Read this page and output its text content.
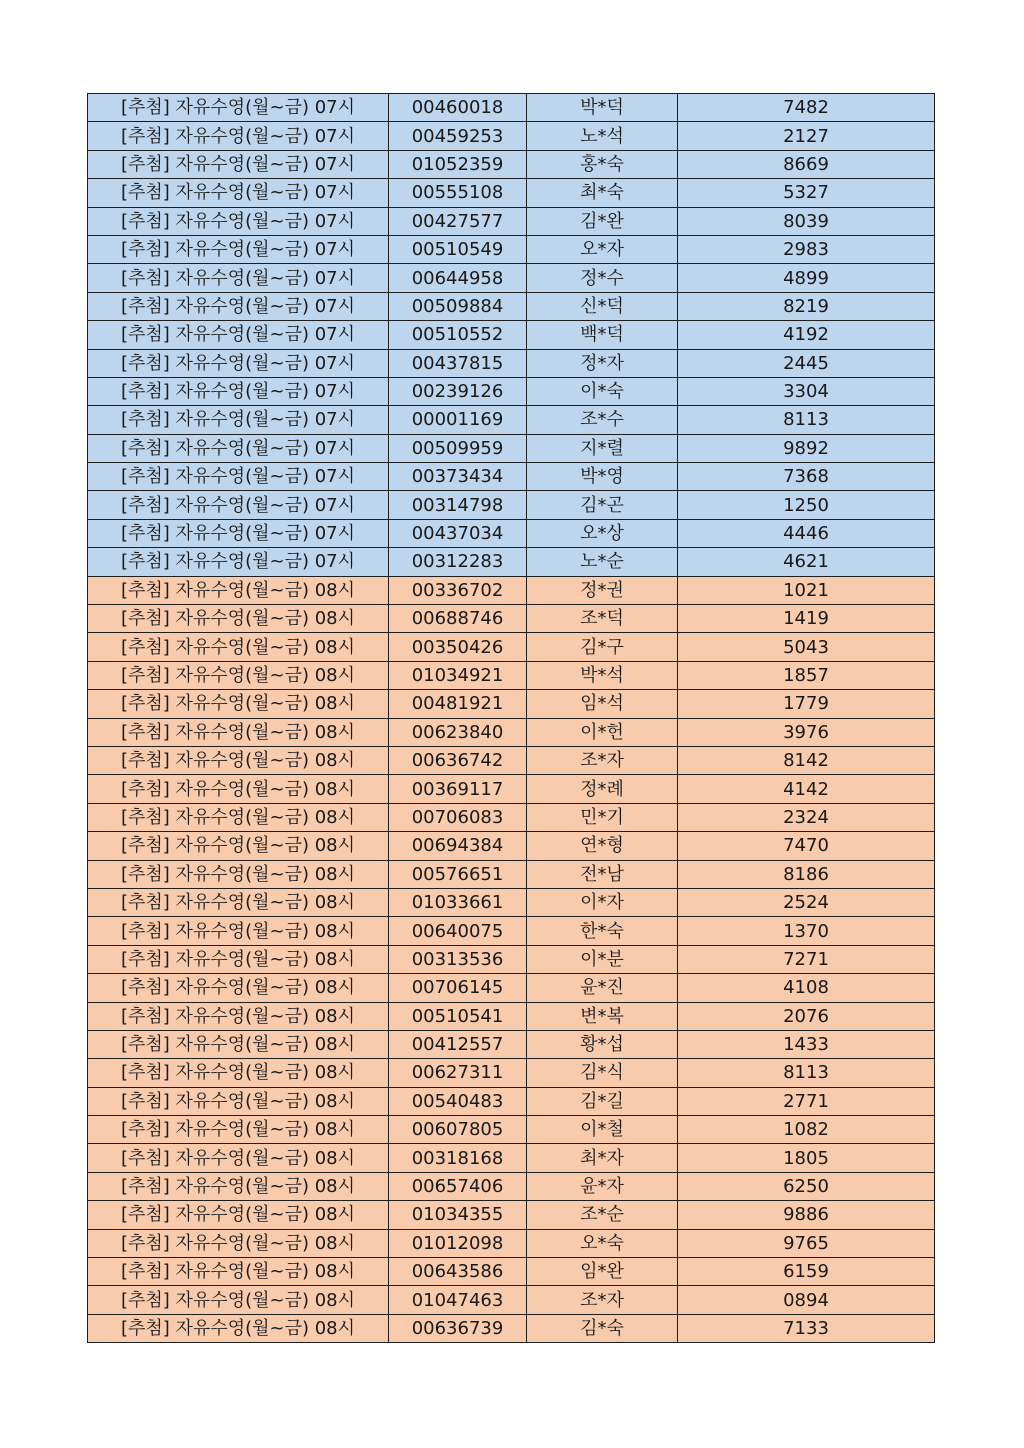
[추첨] 자유수영(월~금) 07시	00460018	박*덕	7482
[추첨] 자유수영(월~금) 07시	00459253	노*석	2127
[추첨] 자유수영(월~금) 07시	01052359	홍*숙	8669
[추첨] 자유수영(월~금) 07시	00555108	최*숙	5327
[추첨] 자유수영(월~금) 07시	00427577	김*완	8039
[추첨] 자유수영(월~금) 07시	00510549	오*자	2983
[추첨] 자유수영(월~금) 07시	00644958	정*수	4899
[추첨] 자유수영(월~금) 07시	00509884	신*덕	8219
[추첨] 자유수영(월~금) 07시	00510552	백*덕	4192
[추첨] 자유수영(월~금) 07시	00437815	정*자	2445
[추첨] 자유수영(월~금) 07시	00239126	이*숙	3304
[추첨] 자유수영(월~금) 07시	00001169	조*수	8113
[추첨] 자유수영(월~금) 07시	00509959	지*렬	9892
[추첨] 자유수영(월~금) 07시	00373434	박*영	7368
[추첨] 자유수영(월~금) 07시	00314798	김*곤	1250
[추첨] 자유수영(월~금) 07시	00437034	오*상	4446
[추첨] 자유수영(월~금) 07시	00312283	노*순	4621
[추첨] 자유수영(월~금) 08시	00336702	정*권	1021
[추첨] 자유수영(월~금) 08시	00688746	조*덕	1419
[추첨] 자유수영(월~금) 08시	00350426	김*구	5043
[추첨] 자유수영(월~금) 08시	01034921	박*석	1857
[추첨] 자유수영(월~금) 08시	00481921	임*석	1779
[추첨] 자유수영(월~금) 08시	00623840	이*헌	3976
[추첨] 자유수영(월~금) 08시	00636742	조*자	8142
[추첨] 자유수영(월~금) 08시	00369117	정*례	4142
[추첨] 자유수영(월~금) 08시	00706083	민*기	2324
[추첨] 자유수영(월~금) 08시	00694384	연*형	7470
[추첨] 자유수영(월~금) 08시	00576651	전*남	8186
[추첨] 자유수영(월~금) 08시	01033661	이*자	2524
[추첨] 자유수영(월~금) 08시	00640075	한*숙	1370
[추첨] 자유수영(월~금) 08시	00313536	이*분	7271
[추첨] 자유수영(월~금) 08시	00706145	윤*진	4108
[추첨] 자유수영(월~금) 08시	00510541	변*복	2076
[추첨] 자유수영(월~금) 08시	00412557	황*섭	1433
[추첨] 자유수영(월~금) 08시	00627311	김*식	8113
[추첨] 자유수영(월~금) 08시	00540483	김*길	2771
[추첨] 자유수영(월~금) 08시	00607805	이*철	1082
[추첨] 자유수영(월~금) 08시	00318168	최*자	1805
[추첨] 자유수영(월~금) 08시	00657406	윤*자	6250
[추첨] 자유수영(월~금) 08시	01034355	조*순	9886
[추첨] 자유수영(월~금) 08시	01012098	오*숙	9765
[추첨] 자유수영(월~금) 08시	00643586	임*완	6159
[추첨] 자유수영(월~금) 08시	01047463	조*자	0894
[추첨] 자유수영(월~금) 08시	00636739	김*숙	7133
